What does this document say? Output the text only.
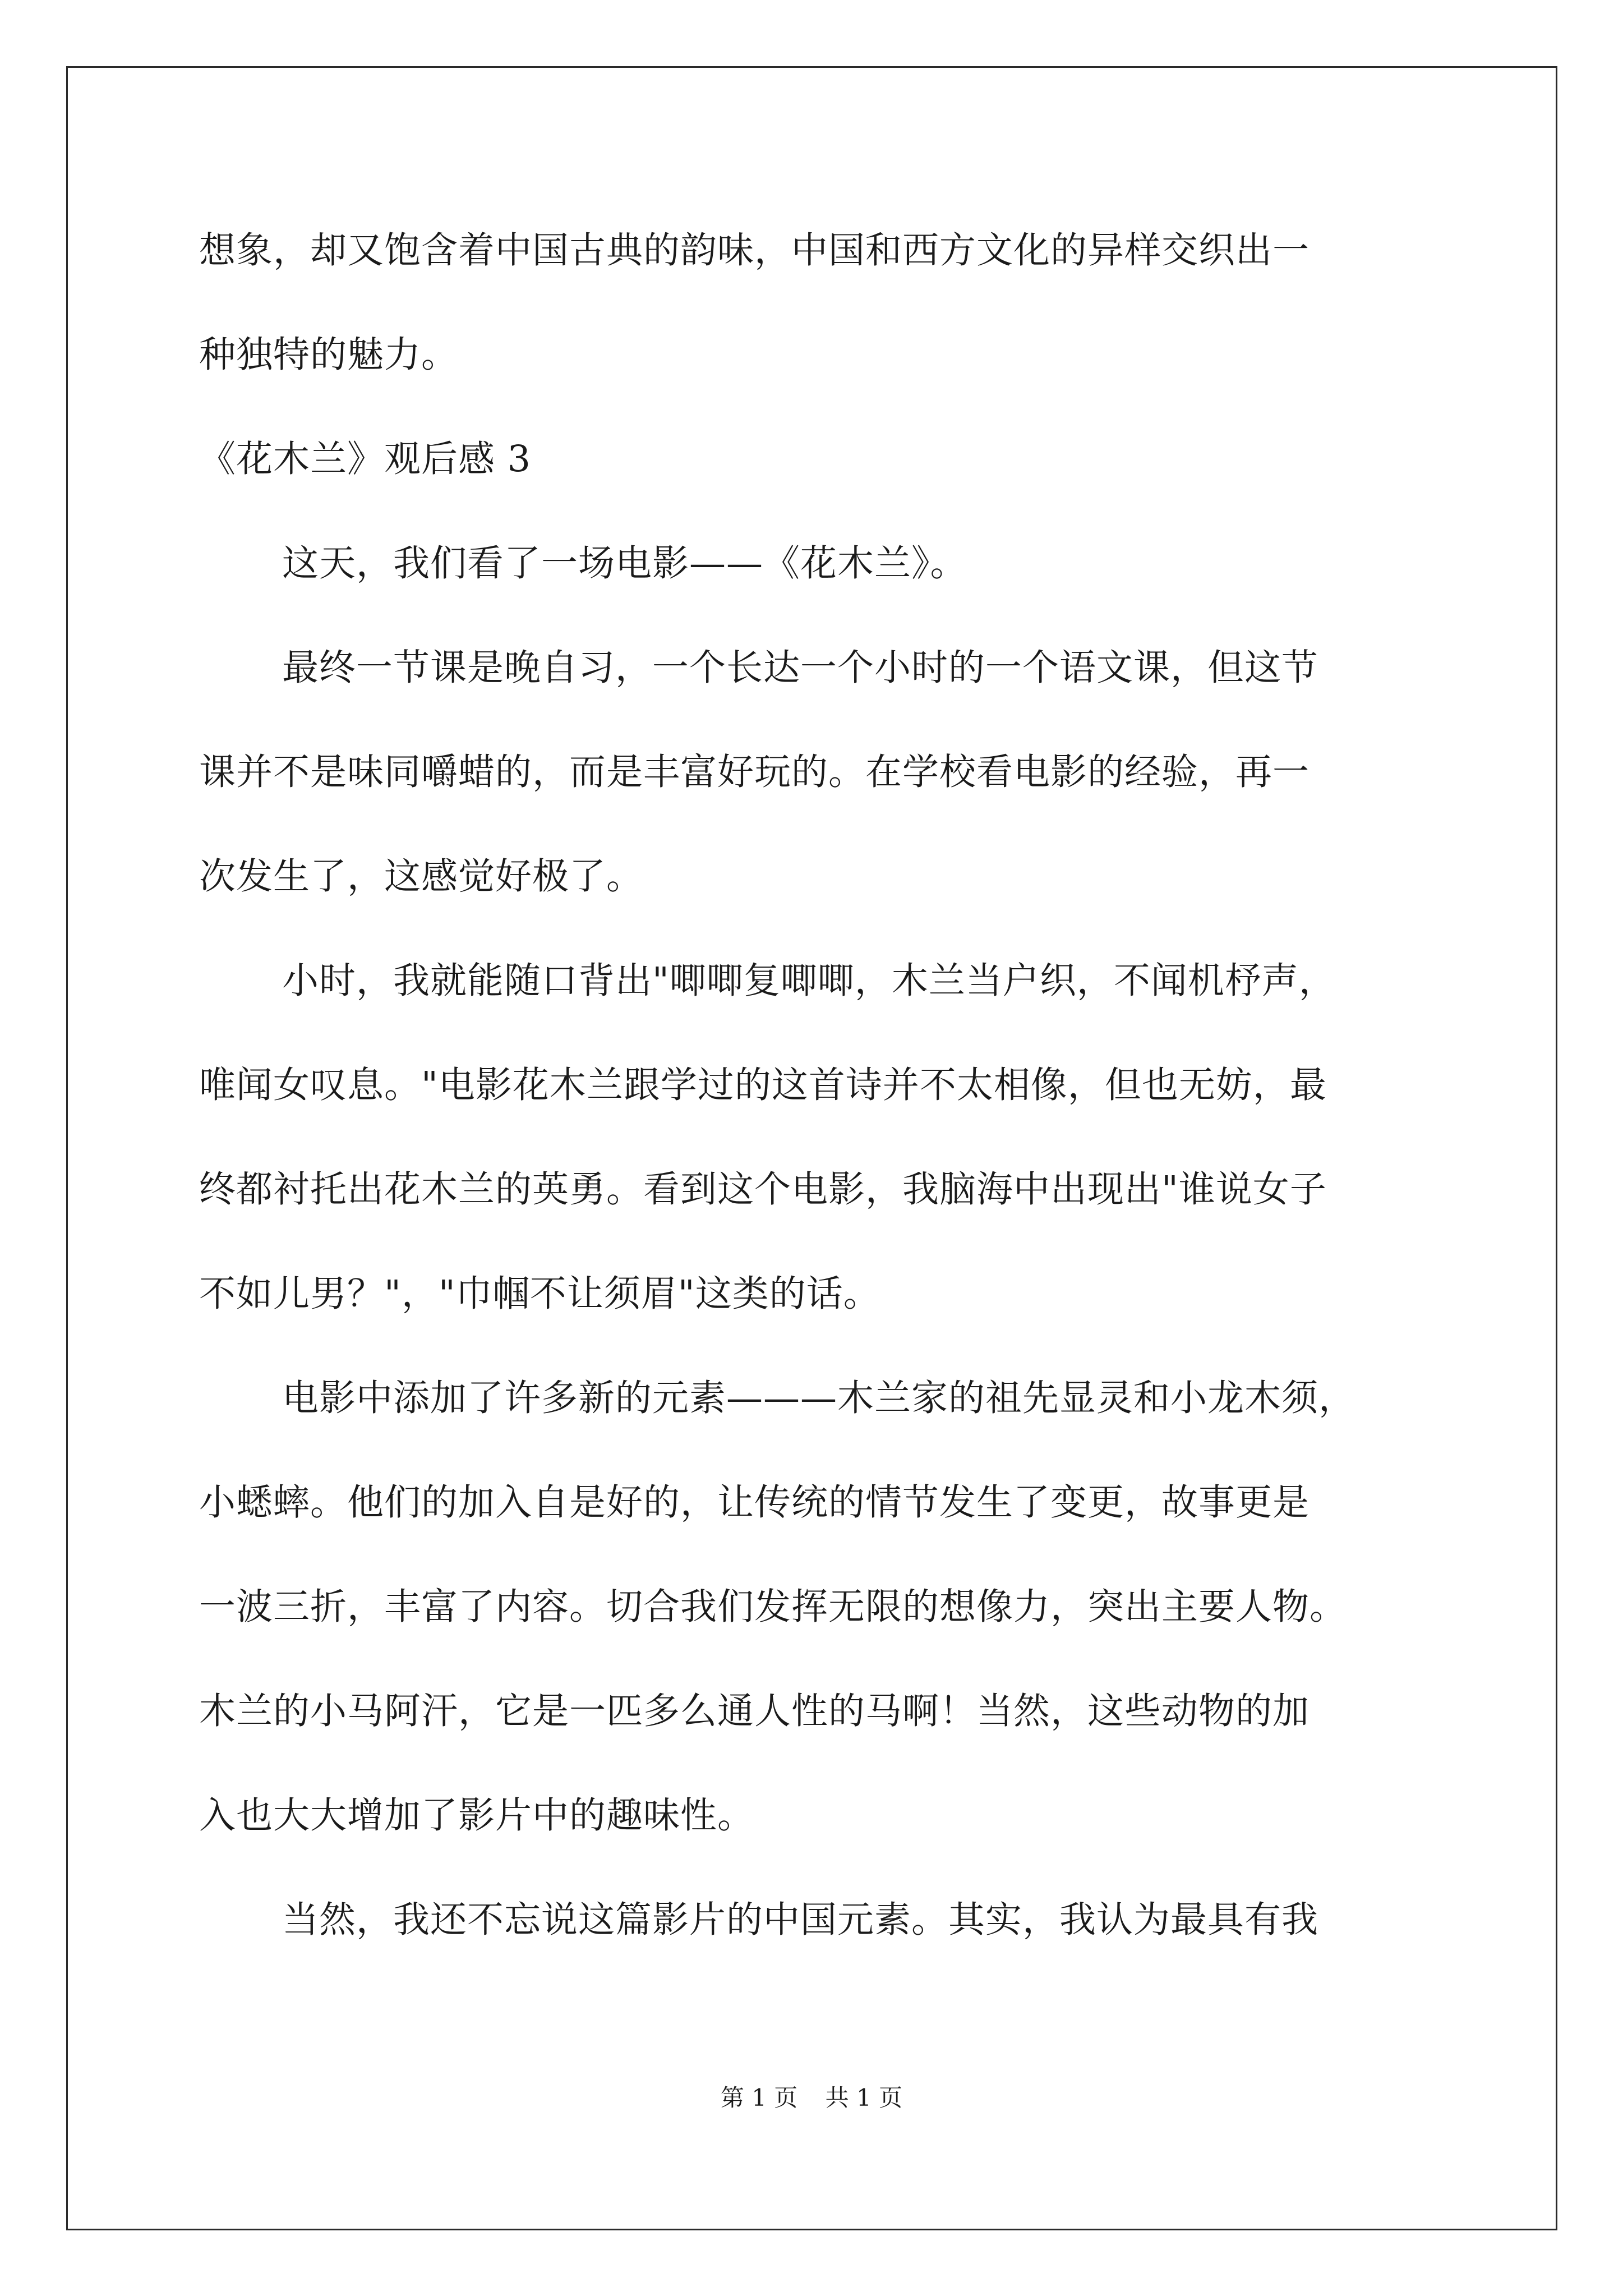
想象，却又饱含着中国古典的韵味，中国和西方文化的异样交织出一
种独特的魅力。
《花木兰》观后感 3
这天，我们看了一场电影——《花木兰》。
最终一节课是晚自习，一个长达一个小时的一个语文课，但这节
课并不是味同嚼蜡的，而是丰富好玩的。在学校看电影的经验，再一
次发生了，这感觉好极了。
小时，我就能随口背出"唧唧复唧唧，木兰当户织，不闻机杼声，
唯闻女叹息。"电影花木兰跟学过的这首诗并不太相像，但也无妨，最
终都衬托出花木兰的英勇。看到这个电影，我脑海中出现出"谁说女子
不如儿男？"，"巾帼不让须眉"这类的话。
电影中添加了许多新的元素———木兰家的祖先显灵和小龙木须，
小蟋蟀。他们的加入自是好的，让传统的情节发生了变更，故事更是
一波三折，丰富了内容。切合我们发挥无限的想像力，突出主要人物。
木兰的小马阿汗，它是一匹多么通人性的马啊！当然，这些动物的加
入也大大增加了影片中的趣味性。
当然，我还不忘说这篇影片的中国元素。其实，我认为最具有我
第 1 页 共 1 页
